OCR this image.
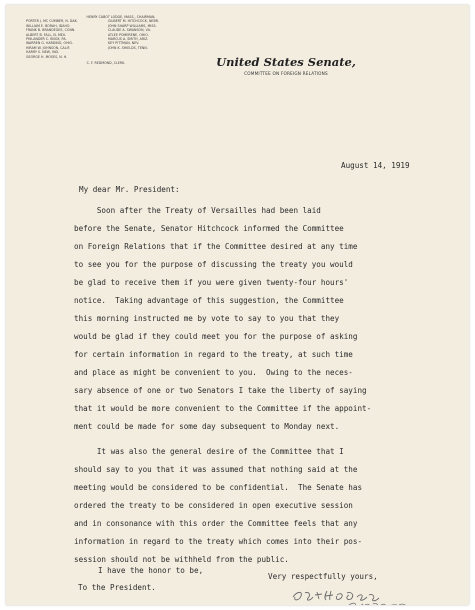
HENRY CABOT LODGE, MASS., CHAIRMAN.
PORTER J. MC CUMBER, N. DAK.
WILLIAM E. BORAH, IDAHO.
FRANK B. BRANDEGEE, CONN.
ALBERT B. FALL, N. MEX.
PHILANDER C. KNOX, PA.
WARREN G. HARDING, OHIO.
HIRAM W. JOHNSON, CALIF.
HARRY S. NEW, IND.
GEORGE H. MOSES, N. H.
GILBERT M. HITCHCOCK, NEBR.
JOHN SHARP WILLIAMS, MISS.
CLAUDE A. SWANSON, VA.
ATLEE POMERENE, OHIO.
MARCUS A. SMITH, ARIZ.
KEY PITTMAN, NEV.
JOHN K. SHIELDS, TENN.
C. F. REDMOND, CLERK.	United States Senate,
COMMITTEE ON FOREIGN RELATIONS
August 14, 1919
My dear Mr. President:
Soon after the Treaty of Versailles had been laid
before the Senate, Senator Hitchcock informed the Committee
on Foreign Relations that if the Committee desired at any time
to see you for the purpose of discussing the treaty you would
be glad to receive them if you were given twenty-four hours'
notice.  Taking advantage of this suggestion, the Committee
this morning instructed me by vote to say to you that they
would be glad if they could meet you for the purpose of asking
for certain information in regard to the treaty, at such time
and place as might be convenient to you.  Owing to the neces-
sary absence of one or two Senators I take the liberty of saying
that it would be more convenient to the Committee if the appoint-
ment could be made for some day subsequent to Monday next.
It was also the general desire of the Committee that I
should say to you that it was assumed that nothing said at the
meeting would be considered to be confidential.  The Senate has
ordered the treaty to be considered in open executive session
and in consonance with this order the Committee feels that any
information in regard to the treaty which comes into their pos-
session should not be withheld from the public.
I have the honor to be,
To the President.
Very respectfully yours,
